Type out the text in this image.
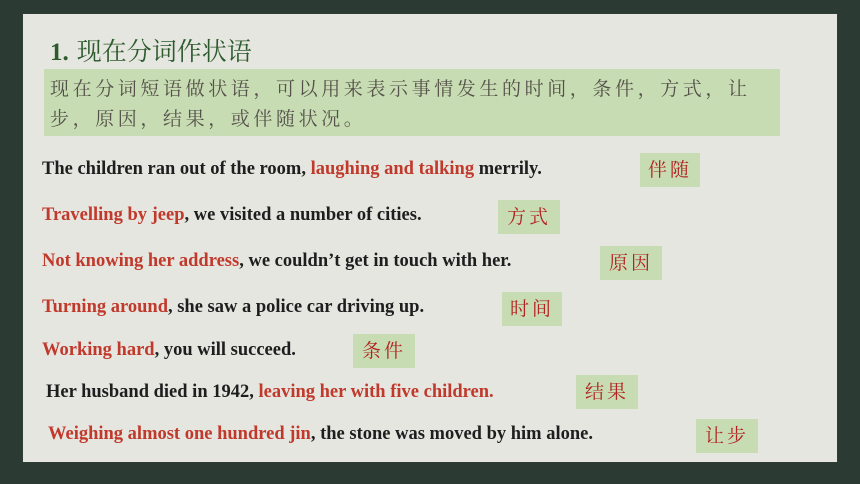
1. 现在分词作状语
现在分词短语做状语，可以用来表示事情发生的时间，条件，方式，让步，原因，结果，或伴随状况。
The children ran out of the room, laughing and talking merrily.	伴随
Travelling by jeep, we visited a number of cities.	方式
Not knowing her address, we couldn’t get in touch with her.	原因
Turning around, she saw a police car driving up.	时间
Working hard, you will succeed.	条件
Her husband died in 1942, leaving her with five children.	结果
Weighing almost one hundred jin, the stone was moved by him alone.	让步
